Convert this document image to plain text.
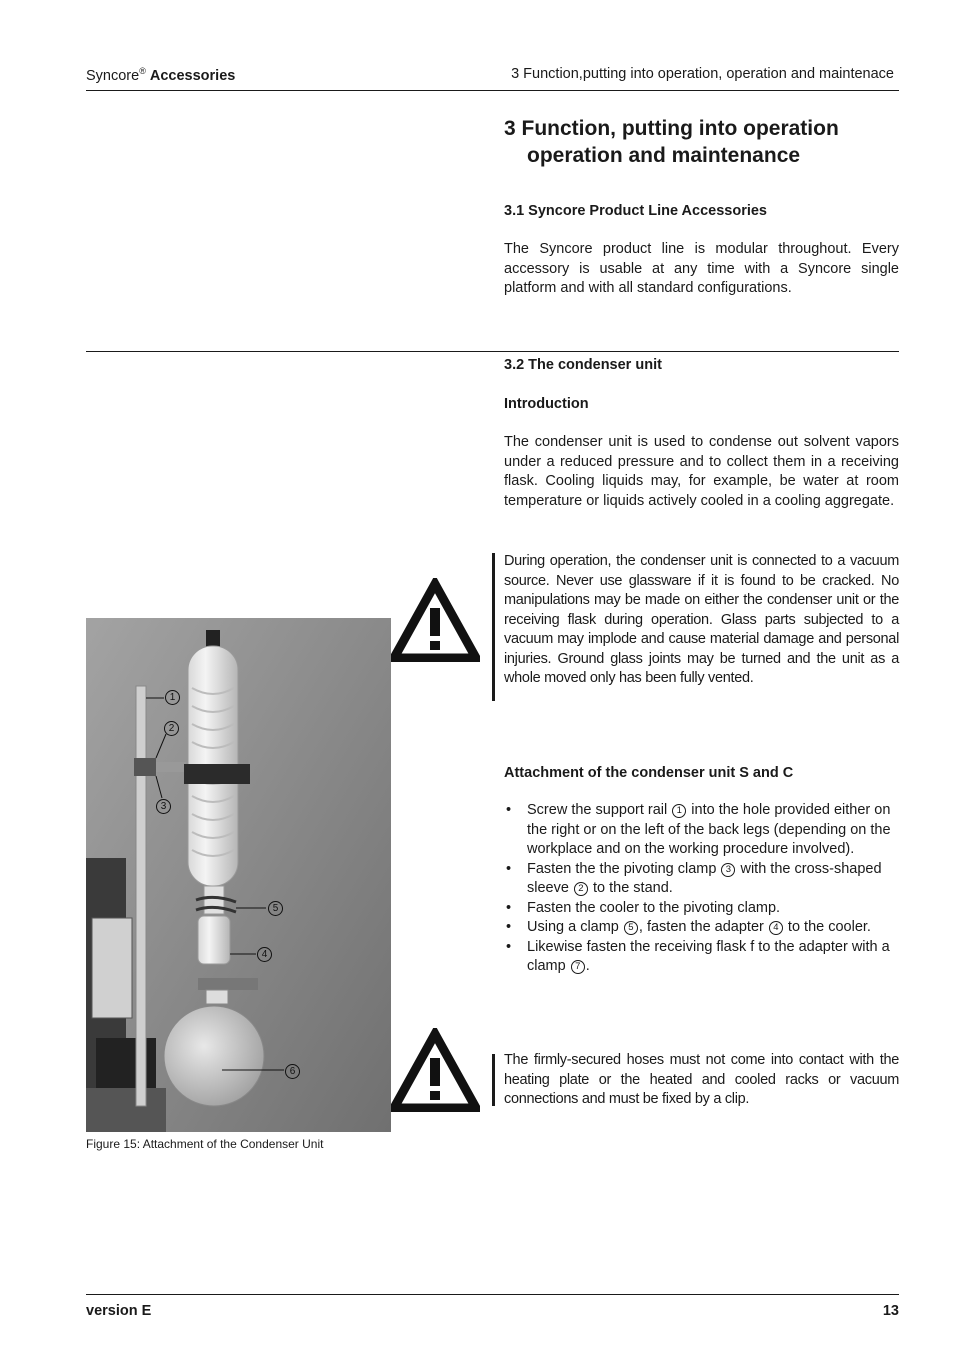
Syncore® Accessories	3 Function,putting into operation, operation and maintenace
3 Function, putting into operation
operation and maintenance
3.1 Syncore Product Line Accessories
The Syncore product line is modular throughout. Every accessory is usable at any time with a Syncore single platform and with all standard configurations.
3.2 The condenser unit
Introduction
The condenser unit is used to condense out solvent vapors under a reduced pressure and to collect them in a receiving flask. Cooling liquids may, for example, be water at room temperature or liquids actively cooled in a cooling aggregate.
During operation, the condenser unit is connected to a vacuum source. Never use glassware if it is found to be cracked. No manipulations may be made on either the condenser unit or the receiving flask during operation. Glass parts subjected to a vacuum may implode and cause material damage and personal injuries. Ground glass joints may be turned and the unit as a whole moved only has been fully vented.
Attachment of the condenser unit S and C
• Screw the support rail 1 into the hole provided either on the right or on the left of the back legs (depending on the workplace and on the working procedure involved).
• Fasten the the pivoting clamp 3 with the cross-shaped sleeve 2 to the stand.
• Fasten the cooler to the pivoting clamp.
• Using a clamp 5 , fasten the adapter 4 to the cooler.
• Likewise fasten the receiving flask f to the adapter with a clamp 7 .
The firmly-secured hoses must not come into contact with the heating plate or the heated and cooled racks or vacuum connections and must be fixed by a clip.
1
2
3
5
4
6
Figure 15: Attachment of the Condenser Unit
version E	13
